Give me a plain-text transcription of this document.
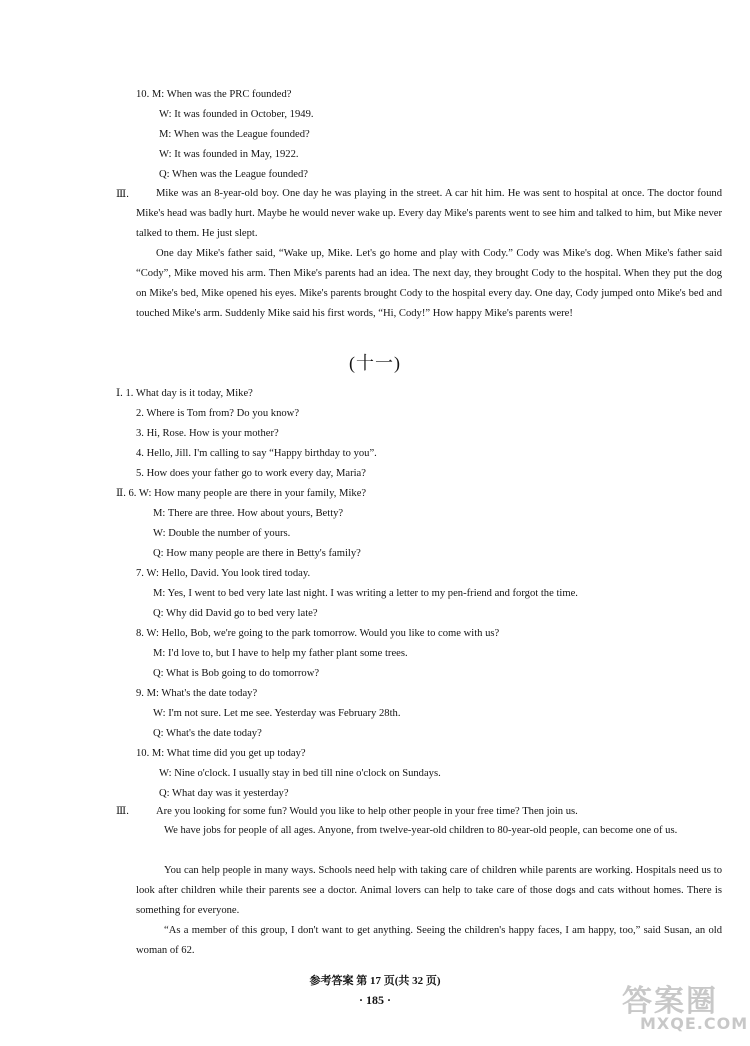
10. M: When was the PRC founded?
W: It was founded in October, 1949.
M: When was the League founded?
W: It was founded in May, 1922.
Q: When was the League founded?
Ⅲ.
Ⅰ. 1. What day is it today, Mike?
2. Where is Tom from? Do you know?
3. Hi, Rose. How is your mother?
4. Hello, Jill. I'm calling to say “Happy birthday to you”.
5. How does your father go to work every day, Maria?
Ⅱ. 6. W: How many people are there in your family, Mike?
M: There are three. How about yours, Betty?
W: Double the number of yours.
Q: How many people are there in Betty's family?
7. W: Hello, David. You look tired today.
M: Yes, I went to bed very late last night. I was writing a letter to my pen-friend and forgot the time.
Q: Why did David go to bed very late?
8. W: Hello, Bob, we're going to the park tomorrow. Would you like to come with us?
M: I'd love to, but I have to help my father plant some trees.
Q: What is Bob going to do tomorrow?
9. M: What's the date today?
W: I'm not sure. Let me see. Yesterday was February 28th.
Q: What's the date today?
10. M: What time did you get up today?
W: Nine o'clock. I usually stay in bed till nine o'clock on Sundays.
Q: What day was it yesterday?
Ⅲ.	Are you looking for some fun? Would you like to help other people in your free time? Then join us.
Mike was an 8-year-old boy. One day he was playing in the street. A car hit him. He was sent to hospital at once. The doctor found Mike's head was badly hurt. Maybe he would never wake up. Every day Mike's parents went to see him and talked to him, but Mike never talked to them. He just slept.
One day Mike's father said, “Wake up, Mike. Let's go home and play with Cody.” Cody was Mike's dog. When Mike's father said “Cody”, Mike moved his arm. Then Mike's parents had an idea. The next day, they brought Cody to the hospital. When they put the dog on Mike's bed, Mike opened his eyes. Mike's parents brought Cody to the hospital every day. One day, Cody jumped onto Mike's bed and touched Mike's arm. Suddenly Mike said his first words, “Hi, Cody!” How happy Mike's parents were!
We have jobs for people of all ages. Anyone, from twelve-year-old children to 80-year-old people, can become one of us.
You can help people in many ways. Schools need help with taking care of children while parents are working. Hospitals need us to look after children while their parents see a doctor. Animal lovers can help to take care of those dogs and cats without homes. There is something for everyone.
“As a member of this group, I don't want to get anything. Seeing the children's happy faces, I am happy, too,” said Susan, an old woman of 62.
(十一)
参考答案 第 17 页(共 32 页)
· 185 ·	答案圈
MXQE.COM
